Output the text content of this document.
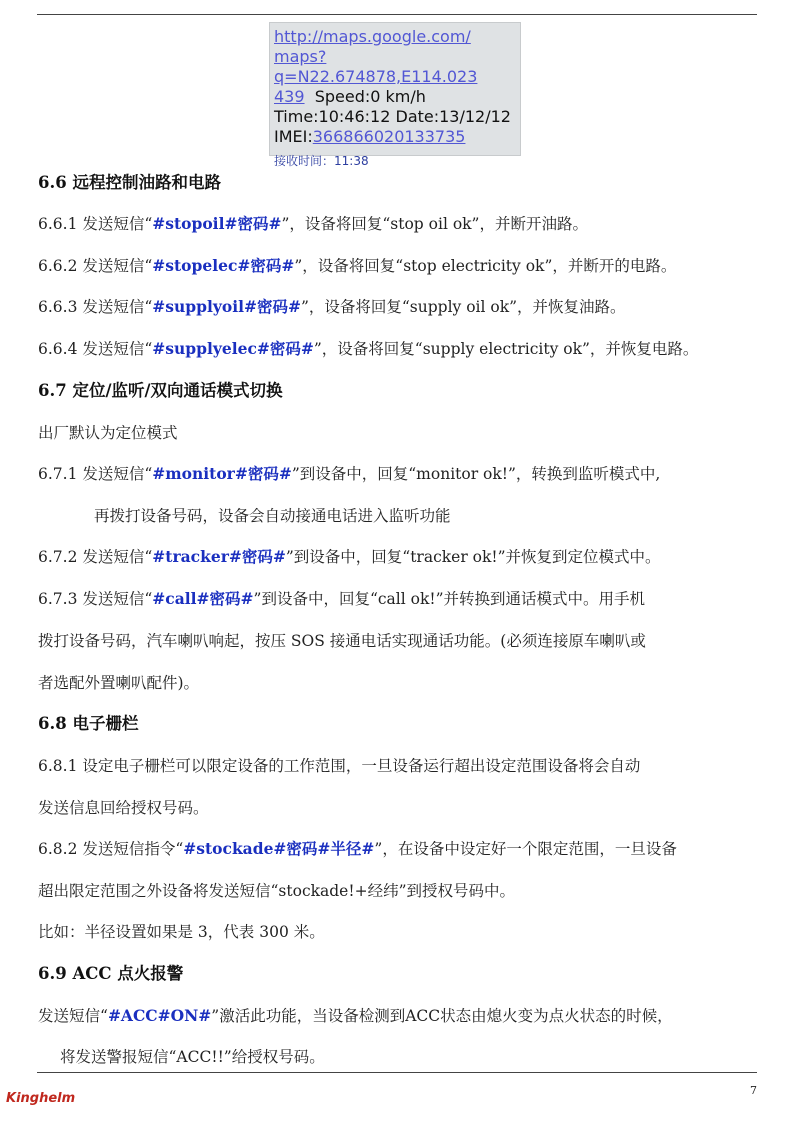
http://maps.google.com/
maps?q=N22.674878,E114.023
439 Speed:0 km/h
Time:10:46:12 Date:13/12/12
IMEI:366866020133735
接收时间：11:38
6.6 远程控制油路和电路
6.6.1 发送短信“#stopoil#密码#”，设备将回复“stop oil ok”，并断开油路。
6.6.2 发送短信“#stopelec#密码#”，设备将回复“stop electricity ok”，并断开的电路。
6.6.3 发送短信“#supplyoil#密码#”，设备将回复“supply oil ok”，并恢复油路。
6.6.4 发送短信“#supplyelec#密码#”，设备将回复“supply electricity ok”，并恢复电路。
6.7 定位/监听/双向通话模式切换
出厂默认为定位模式
6.7.1 发送短信“#monitor#密码#”到设备中，回复“monitor ok!”，转换到监听模式中,
再拨打设备号码，设备会自动接通电话进入监听功能
6.7.2 发送短信“#tracker#密码#”到设备中，回复“tracker ok!”并恢复到定位模式中。
6.7.3 发送短信“#call#密码#”到设备中，回复“call ok!”并转换到通话模式中。用手机
拨打设备号码，汽车喇叭响起，按压 SOS 接通电话实现通话功能。(必须连接原车喇叭或
者选配外置喇叭配件)。
6.8 电子栅栏
6.8.1 设定电子栅栏可以限定设备的工作范围，一旦设备运行超出设定范围设备将会自动
发送信息回给授权号码。
6.8.2 发送短信指令“#stockade#密码#半径#”，在设备中设定好一个限定范围，一旦设备
超出限定范围之外设备将发送短信“stockade!+经纬”到授权号码中。
比如：半径设置如果是 3，代表 300 米。
6.9 ACC 点火报警
发送短信“#ACC#ON#”激活此功能，当设备检测到ACC状态由熄火变为点火状态的时候，
将发送警报短信“ACC!!”给授权号码。
Kinghelm
7
